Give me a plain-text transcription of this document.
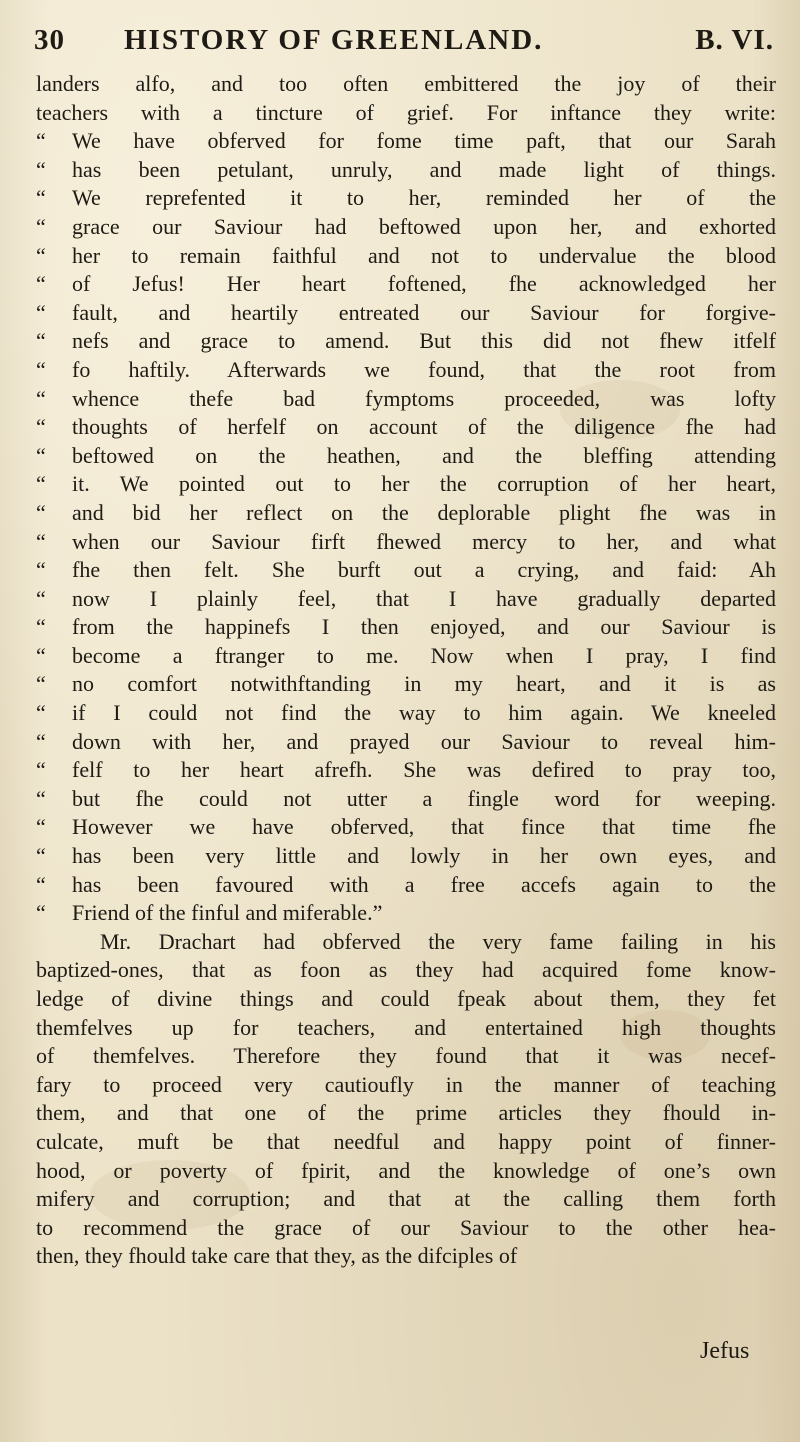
30 HISTORY OF GREENLAND.	B. VI.
landers alfo, and too often embittered the joy of their
teachers with a tincture of grief. For inftance they write:
“ We have obferved for fome time paft, that our Sarah
“ has been petulant, unruly, and made light of things.
“ We reprefented it to her, reminded her of the
“ grace our Saviour had beftowed upon her, and exhorted
“ her to remain faithful and not to undervalue the blood
“ of Jefus! Her heart foftened, fhe acknowledged her
“ fault, and heartily entreated our Saviour for forgive-
“ nefs and grace to amend. But this did not fhew itfelf
“ fo haftily. Afterwards we found, that the root from
“ whence thefe bad fymptoms proceeded, was lofty
“ thoughts of herfelf on account of the diligence fhe had
“ beftowed on the heathen, and the bleffing attending
“ it. We pointed out to her the corruption of her heart,
“ and bid her reflect on the deplorable plight fhe was in
“ when our Saviour firft fhewed mercy to her, and what
“ fhe then felt. She burft out a crying, and faid: Ah
“ now I plainly feel, that I have gradually departed
“ from the happinefs I then enjoyed, and our Saviour is
“ become a ftranger to me. Now when I pray, I find
“ no comfort notwithftanding in my heart, and it is as
“ if I could not find the way to him again. We kneeled
“ down with her, and prayed our Saviour to reveal him-
“ felf to her heart afrefh. She was defired to pray too,
“ but fhe could not utter a fingle word for weeping.
“ However we have obferved, that fince that time fhe
“ has been very little and lowly in her own eyes, and
“ has been favoured with a free accefs again to the
“ Friend of the finful and miferable.”
Mr. Drachart had obferved the very fame failing in his
baptized-ones, that as foon as they had acquired fome know-
ledge of divine things and could fpeak about them, they fet
themfelves up for teachers, and entertained high thoughts
of themfelves. Therefore they found that it was necef-
fary to proceed very cautioufly in the manner of teaching
them, and that one of the prime articles they fhould in-
culcate, muft be that needful and happy point of finner-
hood, or poverty of fpirit, and the knowledge of one’s own
mifery and corruption; and that at the calling them forth
to recommend the grace of our Saviour to the other hea-
then, they fhould take care that they, as the difciples of
Jefus
